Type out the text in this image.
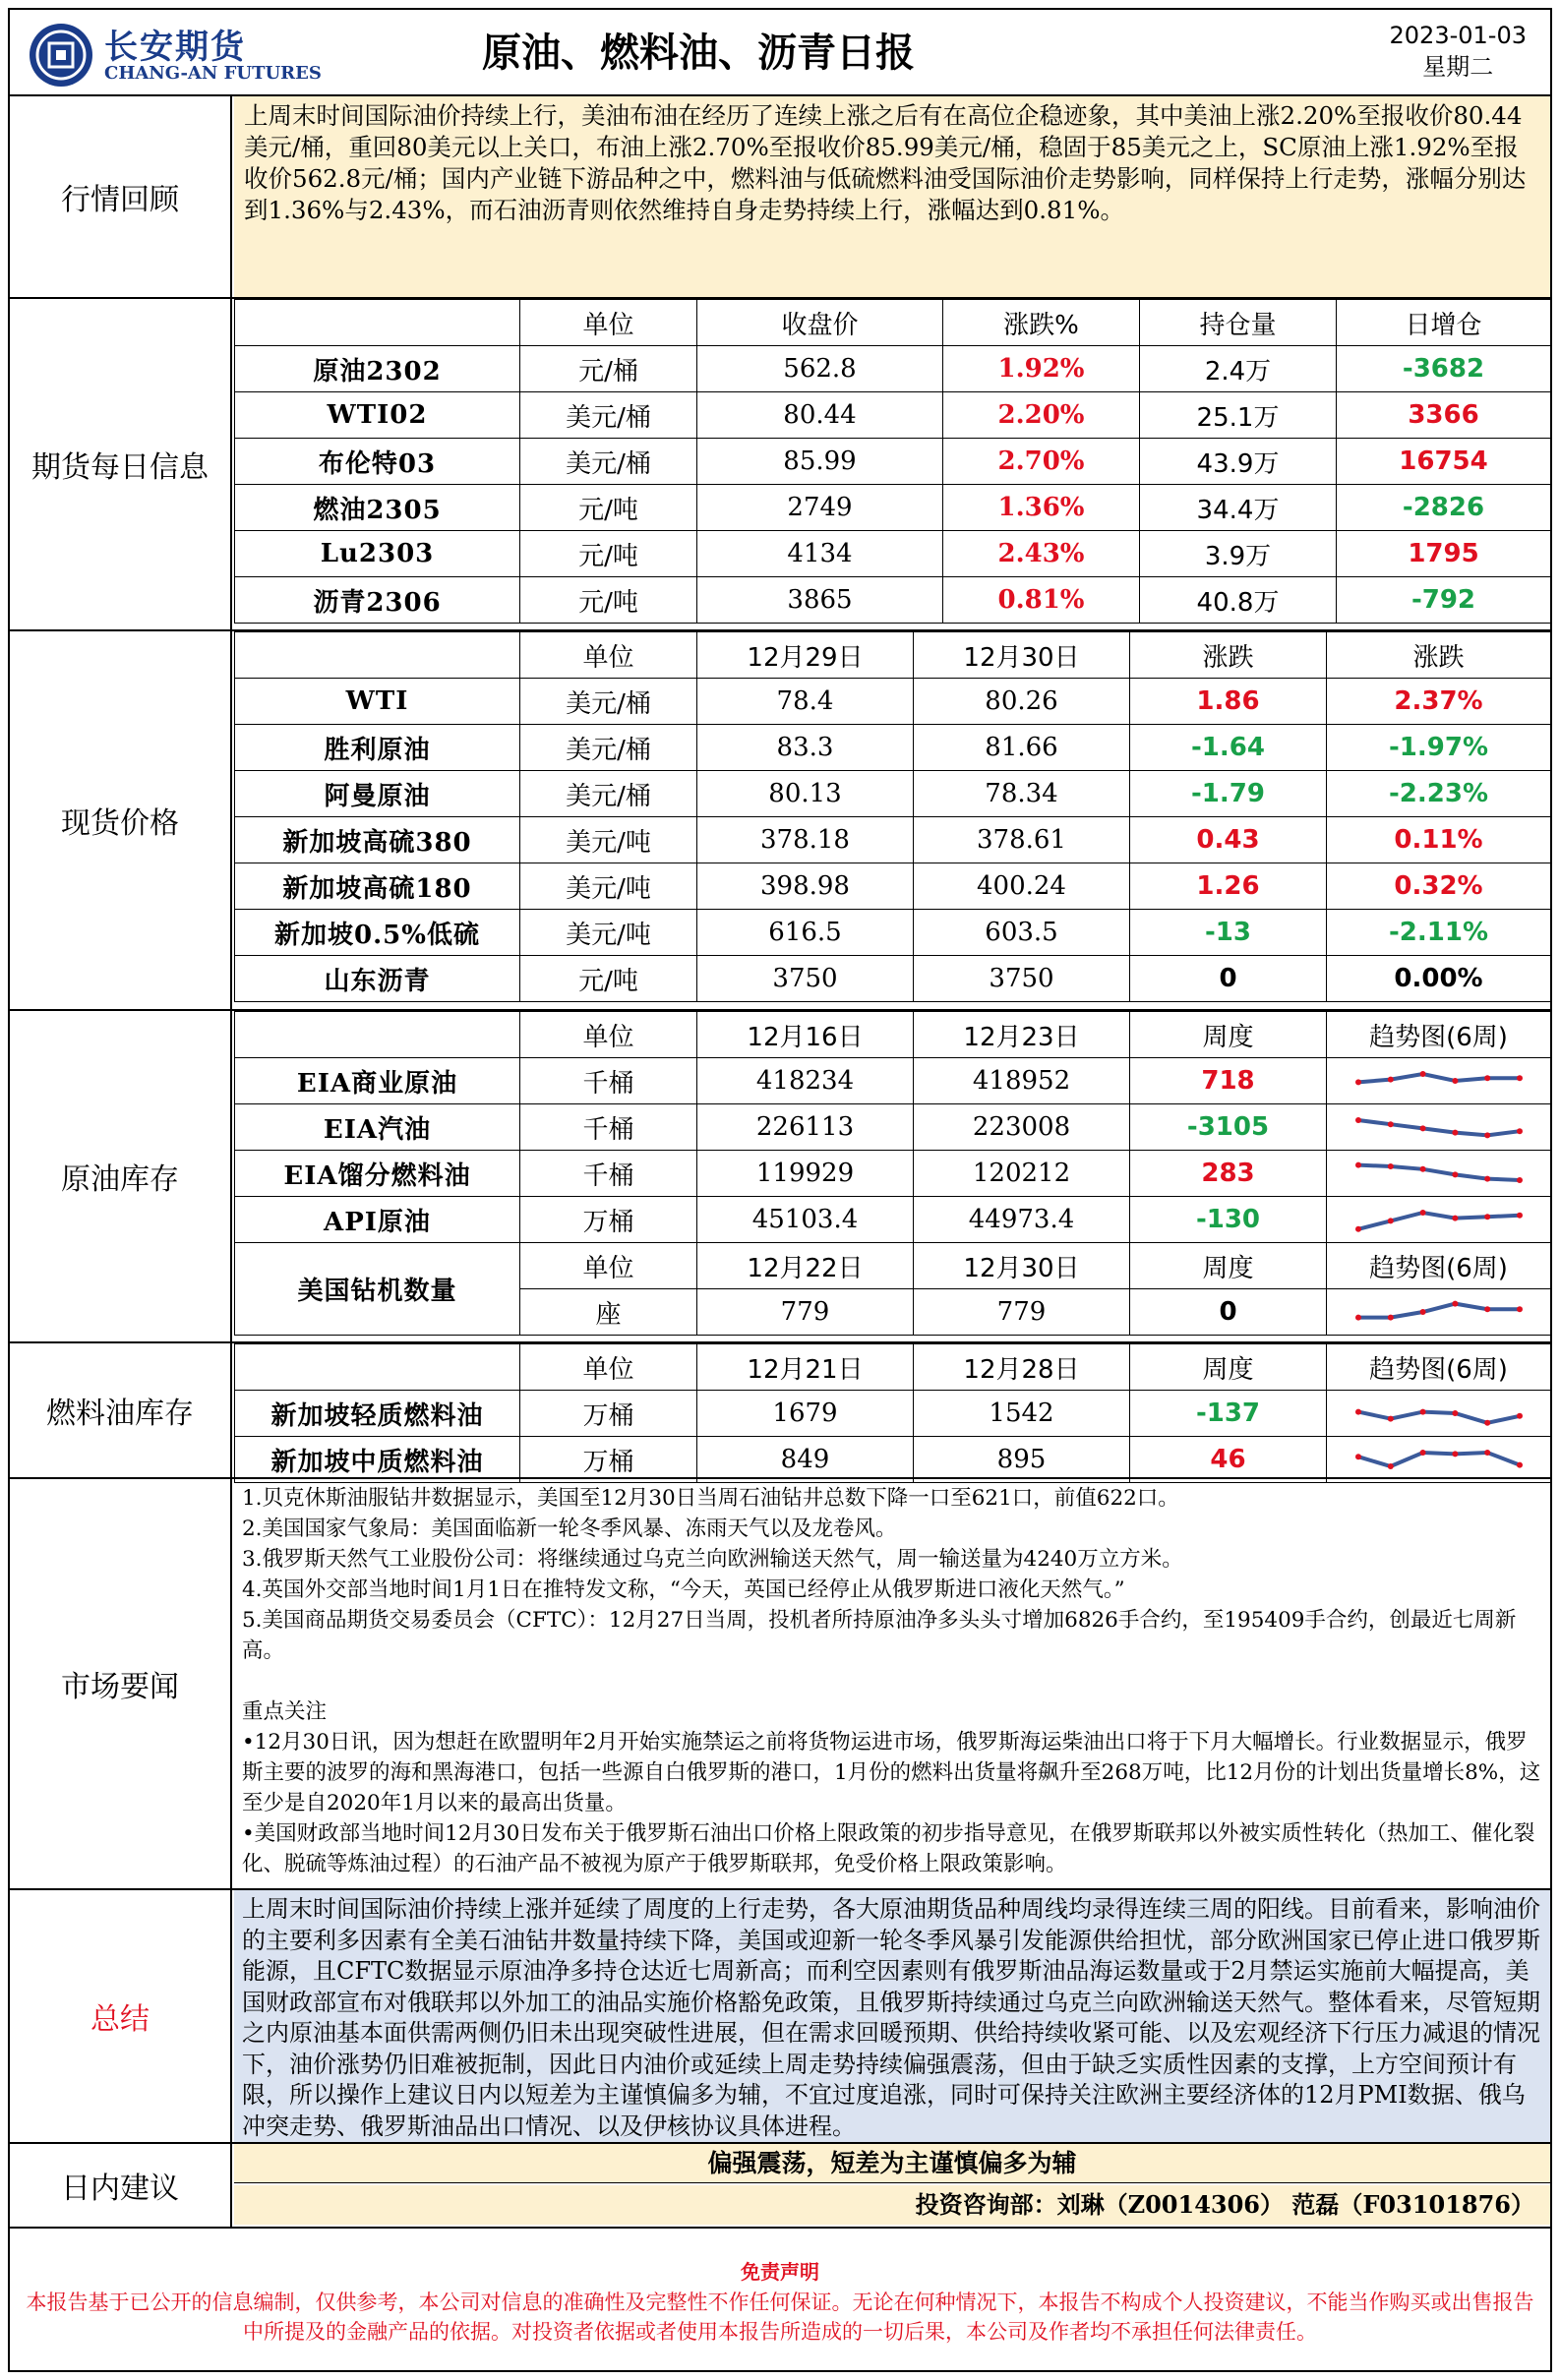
长安期货
CHANG-AN FUTURES	原油、燃料油、沥青日报	2023-01-03
星期二
行情回顾
上周末时间国际油价持续上行，美油布油在经历了连续上涨之后有在高位企稳迹象，其中美油上涨2.20%至报收价80.44美元/桶，重回80美元以上关口，布油上涨2.70%至报收价85.99美元/桶，稳固于85美元之上，SC原油上涨1.92%至报收价562.8元/桶；国内产业链下游品种之中，燃料油与低硫燃料油受国际油价走势影响，同样保持上行走势，涨幅分别达到1.36%与2.43%，而石油沥青则依然维持自身走势持续上行，涨幅达到0.81%。
期货每日信息
	单位	收盘价	涨跌%	持仓量	日增仓
原油2302	元/桶	562.8	1.92%	2.4万	-3682
WTI02	美元/桶	80.44	2.20%	25.1万	3366
布伦特03	美元/桶	85.99	2.70%	43.9万	16754
燃油2305	元/吨	2749	1.36%	34.4万	-2826
Lu2303	元/吨	4134	2.43%	3.9万	1795
沥青2306	元/吨	3865	0.81%	40.8万	-792
现货价格
	单位	12月29日	12月30日	涨跌	涨跌
WTI	美元/桶	78.4	80.26	1.86	2.37%
胜利原油	美元/桶	83.3	81.66	-1.64	-1.97%
阿曼原油	美元/桶	80.13	78.34	-1.79	-2.23%
新加坡高硫380	美元/吨	378.18	378.61	0.43	0.11%
新加坡高硫180	美元/吨	398.98	400.24	1.26	0.32%
新加坡0.5%低硫	美元/吨	616.5	603.5	-13	-2.11%
山东沥青	元/吨	3750	3750	0	0.00%
原油库存
	单位	12月16日	12月23日	周度	趋势图(6周)
EIA商业原油	千桶	418234	418952	718	

EIA汽油	千桶	226113	223008	-3105	

EIA馏分燃料油	千桶	119929	120212	283	

API原油	万桶	45103.4	44973.4	-130	

美国钻机数量	单位	12月22日	12月30日	周度	趋势图(6周)
	座	779	779	0	
燃料油库存
	单位	12月21日	12月28日	周度	趋势图(6周)
新加坡轻质燃料油	万桶	1679	1542	-137	

新加坡中质燃料油	万桶	849	895	46	
市场要闻
1.贝克休斯油服钻井数据显示，美国至12月30日当周石油钻井总数下降一口至621口，前值622口。
2.美国国家气象局：美国面临新一轮冬季风暴、冻雨天气以及龙卷风。
3.俄罗斯天然气工业股份公司：将继续通过乌克兰向欧洲输送天然气，周一输送量为4240万立方米。
4.英国外交部当地时间1月1日在推特发文称，“今天，英国已经停止从俄罗斯进口液化天然气。”
5.美国商品期货交易委员会（CFTC）：12月27日当周，投机者所持原油净多头头寸增加6826手合约，至195409手合约，创最近七周新高。
重点关注
•12月30日讯，因为想赶在欧盟明年2月开始实施禁运之前将货物运进市场，俄罗斯海运柴油出口将于下月大幅增长。行业数据显示，俄罗斯主要的波罗的海和黑海港口，包括一些源自白俄罗斯的港口，1月份的燃料出货量将飙升至268万吨，比12月份的计划出货量增长8%，这至少是自2020年1月以来的最高出货量。
•美国财政部当地时间12月30日发布关于俄罗斯石油出口价格上限政策的初步指导意见，在俄罗斯联邦以外被实质性转化（热加工、催化裂化、脱硫等炼油过程）的石油产品不被视为原产于俄罗斯联邦，免受价格上限政策影响。
总结
上周末时间国际油价持续上涨并延续了周度的上行走势，各大原油期货品种周线均录得连续三周的阳线。目前看来，影响油价的主要利多因素有全美石油钻井数量持续下降，美国或迎新一轮冬季风暴引发能源供给担忧，部分欧洲国家已停止进口俄罗斯能源，且CFTC数据显示原油净多持仓达近七周新高；而利空因素则有俄罗斯油品海运数量或于2月禁运实施前大幅提高，美国财政部宣布对俄联邦以外加工的油品实施价格豁免政策，且俄罗斯持续通过乌克兰向欧洲输送天然气。整体看来，尽管短期之内原油基本面供需两侧仍旧未出现突破性进展，但在需求回暖预期、供给持续收紧可能、以及宏观经济下行压力减退的情况下，油价涨势仍旧难被扼制，因此日内油价或延续上周走势持续偏强震荡，但由于缺乏实质性因素的支撑，上方空间预计有限，所以操作上建议日内以短差为主谨慎偏多为辅，不宜过度追涨，同时可保持关注欧洲主要经济体的12月PMI数据、俄乌冲突走势、俄罗斯油品出口情况、以及伊核协议具体进程。
日内建议
偏强震荡，短差为主谨慎偏多为辅
投资咨询部：刘琳（Z0014306） 范磊（F03101876）
免责声明
本报告基于已公开的信息编制，仅供参考，本公司对信息的准确性及完整性不作任何保证。无论在何种情况下，本报告不构成个人投资建议，不能当作购买或出售报告中所提及的金融产品的依据。对投资者依据或者使用本报告所造成的一切后果，本公司及作者均不承担任何法律责任。
